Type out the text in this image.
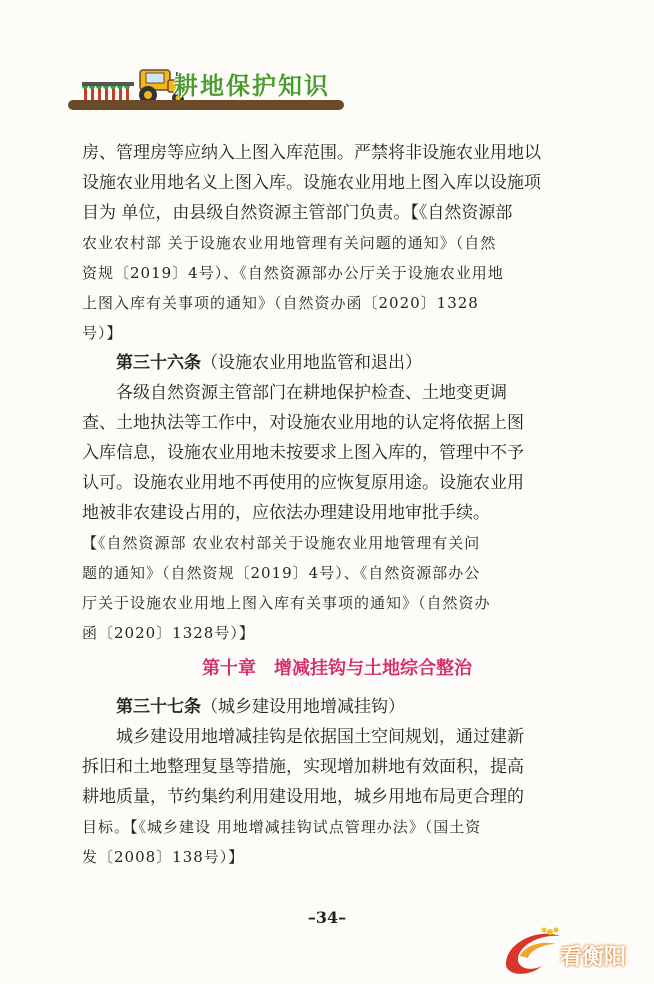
耕地保护知识
房、管理房等应纳入上图入库范围。严禁将非设施农业用地以
设施农业用地名义上图入库。设施农业用地上图入库以设施项
目为 单位，由县级自然资源主管部门负责。【《自然资源部
农业农村部 关于设施农业用地管理有关问题的通知》（自然
资规〔2019〕4号）、《自然资源部办公厅关于设施农业用地
上图入库有关事项的通知》（自然资办函〔2020〕1328
号）】
第三十六条（设施农业用地监管和退出）
各级自然资源主管部门在耕地保护检查、土地变更调
查、土地执法等工作中，对设施农业用地的认定将依据上图
入库信息，设施农业用地未按要求上图入库的，管理中不予
认可。设施农业用地不再使用的应恢复原用途。设施农业用
地被非农建设占用的，应依法办理建设用地审批手续。
【《自然资源部 农业农村部关于设施农业用地管理有关问
题的通知》（自然资规〔2019〕4号）、《自然资源部办公
厅关于设施农业用地上图入库有关事项的通知》（自然资办
函〔2020〕1328号）】
第十章　增减挂钩与土地综合整治
第三十七条（城乡建设用地增减挂钩）
城乡建设用地增减挂钩是依据国土空间规划，通过建新
拆旧和土地整理复垦等措施，实现增加耕地有效面积，提高
耕地质量，节约集约利用建设用地，城乡用地布局更合理的
目标。【《城乡建设 用地增减挂钩试点管理办法》（国土资
发〔2008〕138号）】
–34–
看衡阳
